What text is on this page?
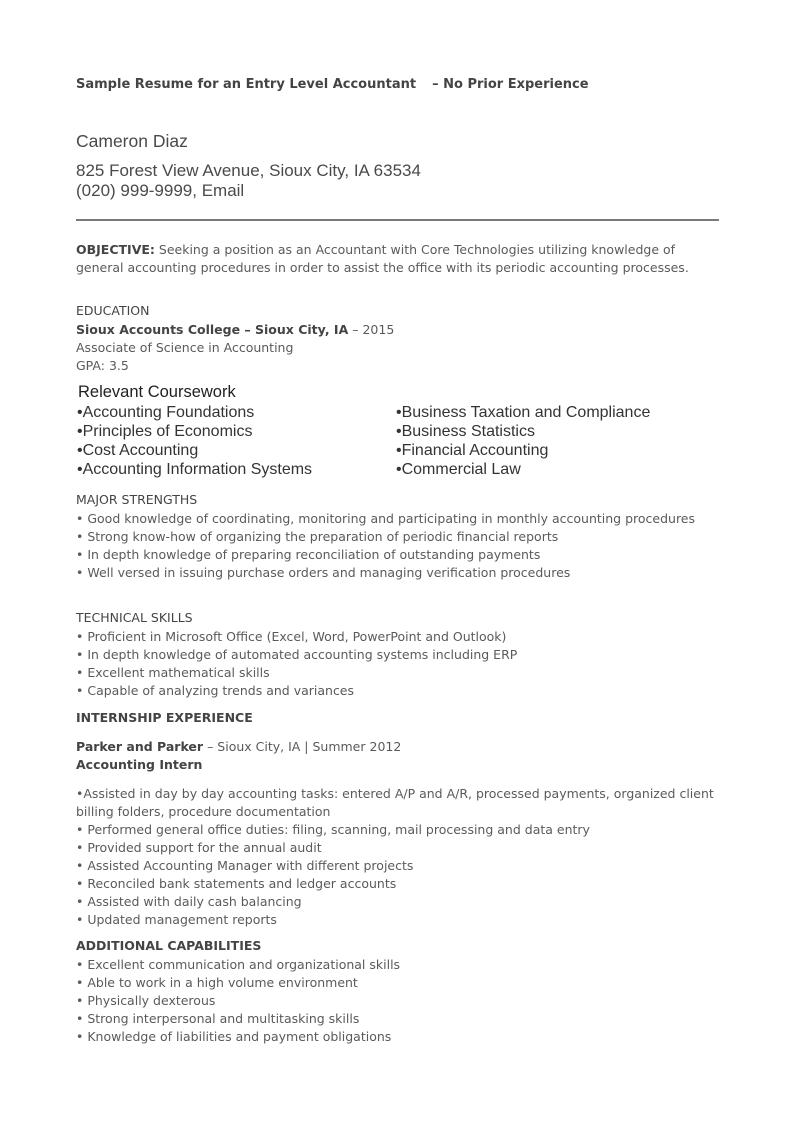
Sample Resume for an Entry Level Accountant – No Prior Experience
Cameron Diaz
825 Forest View Avenue, Sioux City, IA 63534
(020) 999-9999, Email
OBJECTIVE: Seeking a position as an Accountant with Core Technologies utilizing knowledge of general accounting procedures in order to assist the office with its periodic accounting processes.
EDUCATION
Sioux Accounts College – Sioux City, IA – 2015
Associate of Science in Accounting
GPA: 3.5
Relevant Coursework
•Accounting Foundations
•Principles of Economics
•Cost Accounting
•Accounting Information Systems
•Business Taxation and Compliance
•Business Statistics
•Financial Accounting
•Commercial Law
MAJOR STRENGTHS
• Good knowledge of coordinating, monitoring and participating in monthly accounting procedures
• Strong know-how of organizing the preparation of periodic financial reports
• In depth knowledge of preparing reconciliation of outstanding payments
• Well versed in issuing purchase orders and managing verification procedures
TECHNICAL SKILLS
• Proficient in Microsoft Office (Excel, Word, PowerPoint and Outlook)
• In depth knowledge of automated accounting systems including ERP
• Excellent mathematical skills
• Capable of analyzing trends and variances
INTERNSHIP EXPERIENCE
Parker and Parker – Sioux City, IA | Summer 2012
Accounting Intern
•Assisted in day by day accounting tasks: entered A/P and A/R, processed payments, organized client billing folders, procedure documentation
• Performed general office duties: filing, scanning, mail processing and data entry
• Provided support for the annual audit
• Assisted Accounting Manager with different projects
• Reconciled bank statements and ledger accounts
• Assisted with daily cash balancing
• Updated management reports
ADDITIONAL CAPABILITIES
• Excellent communication and organizational skills
• Able to work in a high volume environment
• Physically dexterous
• Strong interpersonal and multitasking skills
• Knowledge of liabilities and payment obligations
